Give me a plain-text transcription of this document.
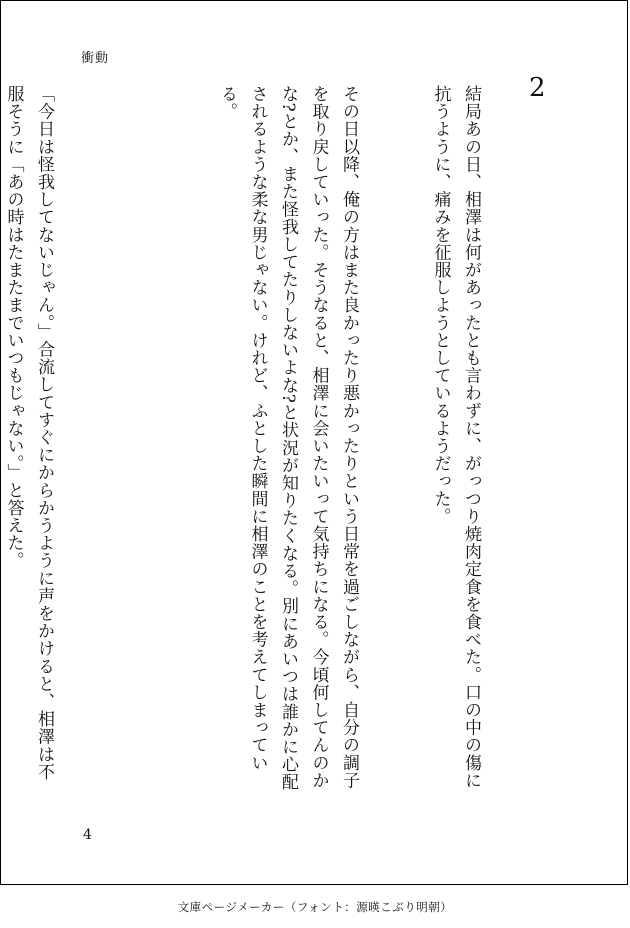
衝動
2

結局あの日、相澤は何があったとも言わずに、がっつり焼肉定食を食べた。口の中の傷に抗うように、痛みを征服しようとしているようだった。

その日以降、俺の方はまた良かったり悪かったりという日常を過ごしながら、自分の調子を取り戻していった。そうなると、相澤に会いたいって気持ちになる。今頃何してんのかな?とか、また怪我してたりしないよな?と状況が知りたくなる。別にあいつは誰かに心配されるような柔な男じゃない。けれど、ふとした瞬間に相澤のことを考えてしまっている。

「今日は怪我してないじゃん。」合流してすぐにからかうように声をかけると、相澤は不服そうに「あの時はたまたまでいつもじゃない。」と答えた。

4
文庫ページメーカー（フォント：源暎こぶり明朝）
